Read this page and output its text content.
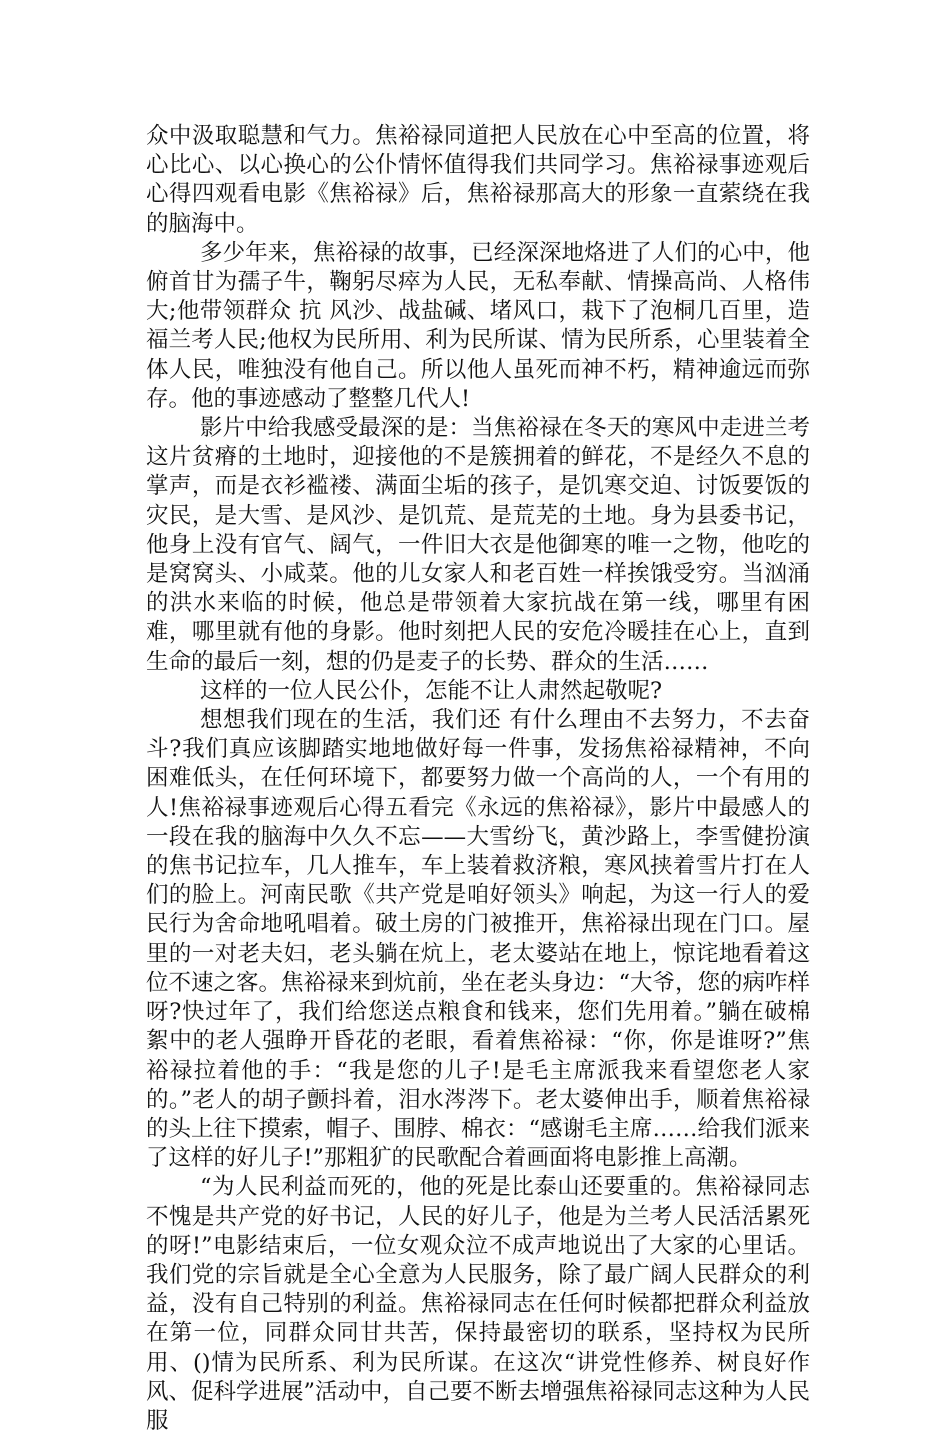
众中汲取聪慧和气力。焦裕禄同道把人民放在心中至高的位置，将心比心、以心换心的公仆情怀值得我们共同学习。焦裕禄事迹观后心得四观看电影《焦裕禄》后，焦裕禄那高大的形象一直萦绕在我的脑海中。

多少年来，焦裕禄的故事，已经深深地烙进了人们的心中，他俯首甘为孺子牛，鞠躬尽瘁为人民，无私奉献、情操高尚、人格伟大;他带领群众 抗 风沙、战盐碱、堵风口，栽下了泡桐几百里，造福兰考人民;他权为民所用、利为民所谋、情为民所系，心里装着全体人民，唯独没有他自己。所以他人虽死而神不朽，精神逾远而弥存。他的事迹感动了整整几代人!

影片中给我感受最深的是：当焦裕禄在冬天的寒风中走进兰考这片贫瘠的土地时，迎接他的不是簇拥着的鲜花，不是经久不息的掌声，而是衣衫褴褛、满面尘垢的孩子，是饥寒交迫、讨饭要饭的灾民，是大雪、是风沙、是饥荒、是荒芜的土地。身为县委书记，他身上没有官气、阔气，一件旧大衣是他御寒的唯一之物，他吃的是窝窝头、小咸菜。他的儿女家人和老百姓一样挨饿受穷。当汹涌的洪水来临的时候，他总是带领着大家抗战在第一线，哪里有困难，哪里就有他的身影。他时刻把人民的安危冷暖挂在心上，直到生命的最后一刻，想的仍是麦子的长势、群众的生活……

这样的一位人民公仆，怎能不让人肃然起敬呢?

想想我们现在的生活，我们还 有什么理由不去努力，不去奋斗?我们真应该脚踏实地地做好每一件事，发扬焦裕禄精神，不向困难低头，在任何环境下，都要努力做一个高尚的人，一个有用的人!焦裕禄事迹观后心得五看完《永远的焦裕禄》，影片中最感人的一段在我的脑海中久久不忘——大雪纷飞，黄沙路上，李雪健扮演的焦书记拉车，几人推车，车上装着救济粮，寒风挟着雪片打在人们的脸上。河南民歌《共产党是咱好领头》响起，为这一行人的爱民行为舍命地吼唱着。破土房的门被推开，焦裕禄出现在门口。屋里的一对老夫妇，老头躺在炕上，老太婆站在地上，惊诧地看着这位不速之客。焦裕禄来到炕前，坐在老头身边：“大爷，您的病咋样呀?快过年了，我们给您送点粮食和钱来，您们先用着。”躺在破棉絮中的老人强睁开昏花的老眼，看着焦裕禄：“你，你是谁呀?”焦裕禄拉着他的手：“我是您的儿子!是毛主席派我来看望您老人家的。”老人的胡子颤抖着，泪水涔涔下。老太婆伸出手，顺着焦裕禄的头上往下摸索，帽子、围脖、棉衣：“感谢毛主席……给我们派来了这样的好儿子!”那粗犷的民歌配合着画面将电影推上高潮。

“为人民利益而死的，他的死是比泰山还要重的。焦裕禄同志不愧是共产党的好书记，人民的好儿子，他是为兰考人民活活累死的呀!”电影结束后，一位女观众泣不成声地说出了大家的心里话。我们党的宗旨就是全心全意为人民服务，除了最广阔人民群众的利益，没有自己特别的利益。焦裕禄同志在任何时候都把群众利益放在第一位，同群众同甘共苦，保持最密切的联系，坚持权为民所用、()情为民所系、利为民所谋。在这次“讲党性修养、树良好作风、促科学进展”活动中，自己要不断去增强焦裕禄同志这种为人民服
